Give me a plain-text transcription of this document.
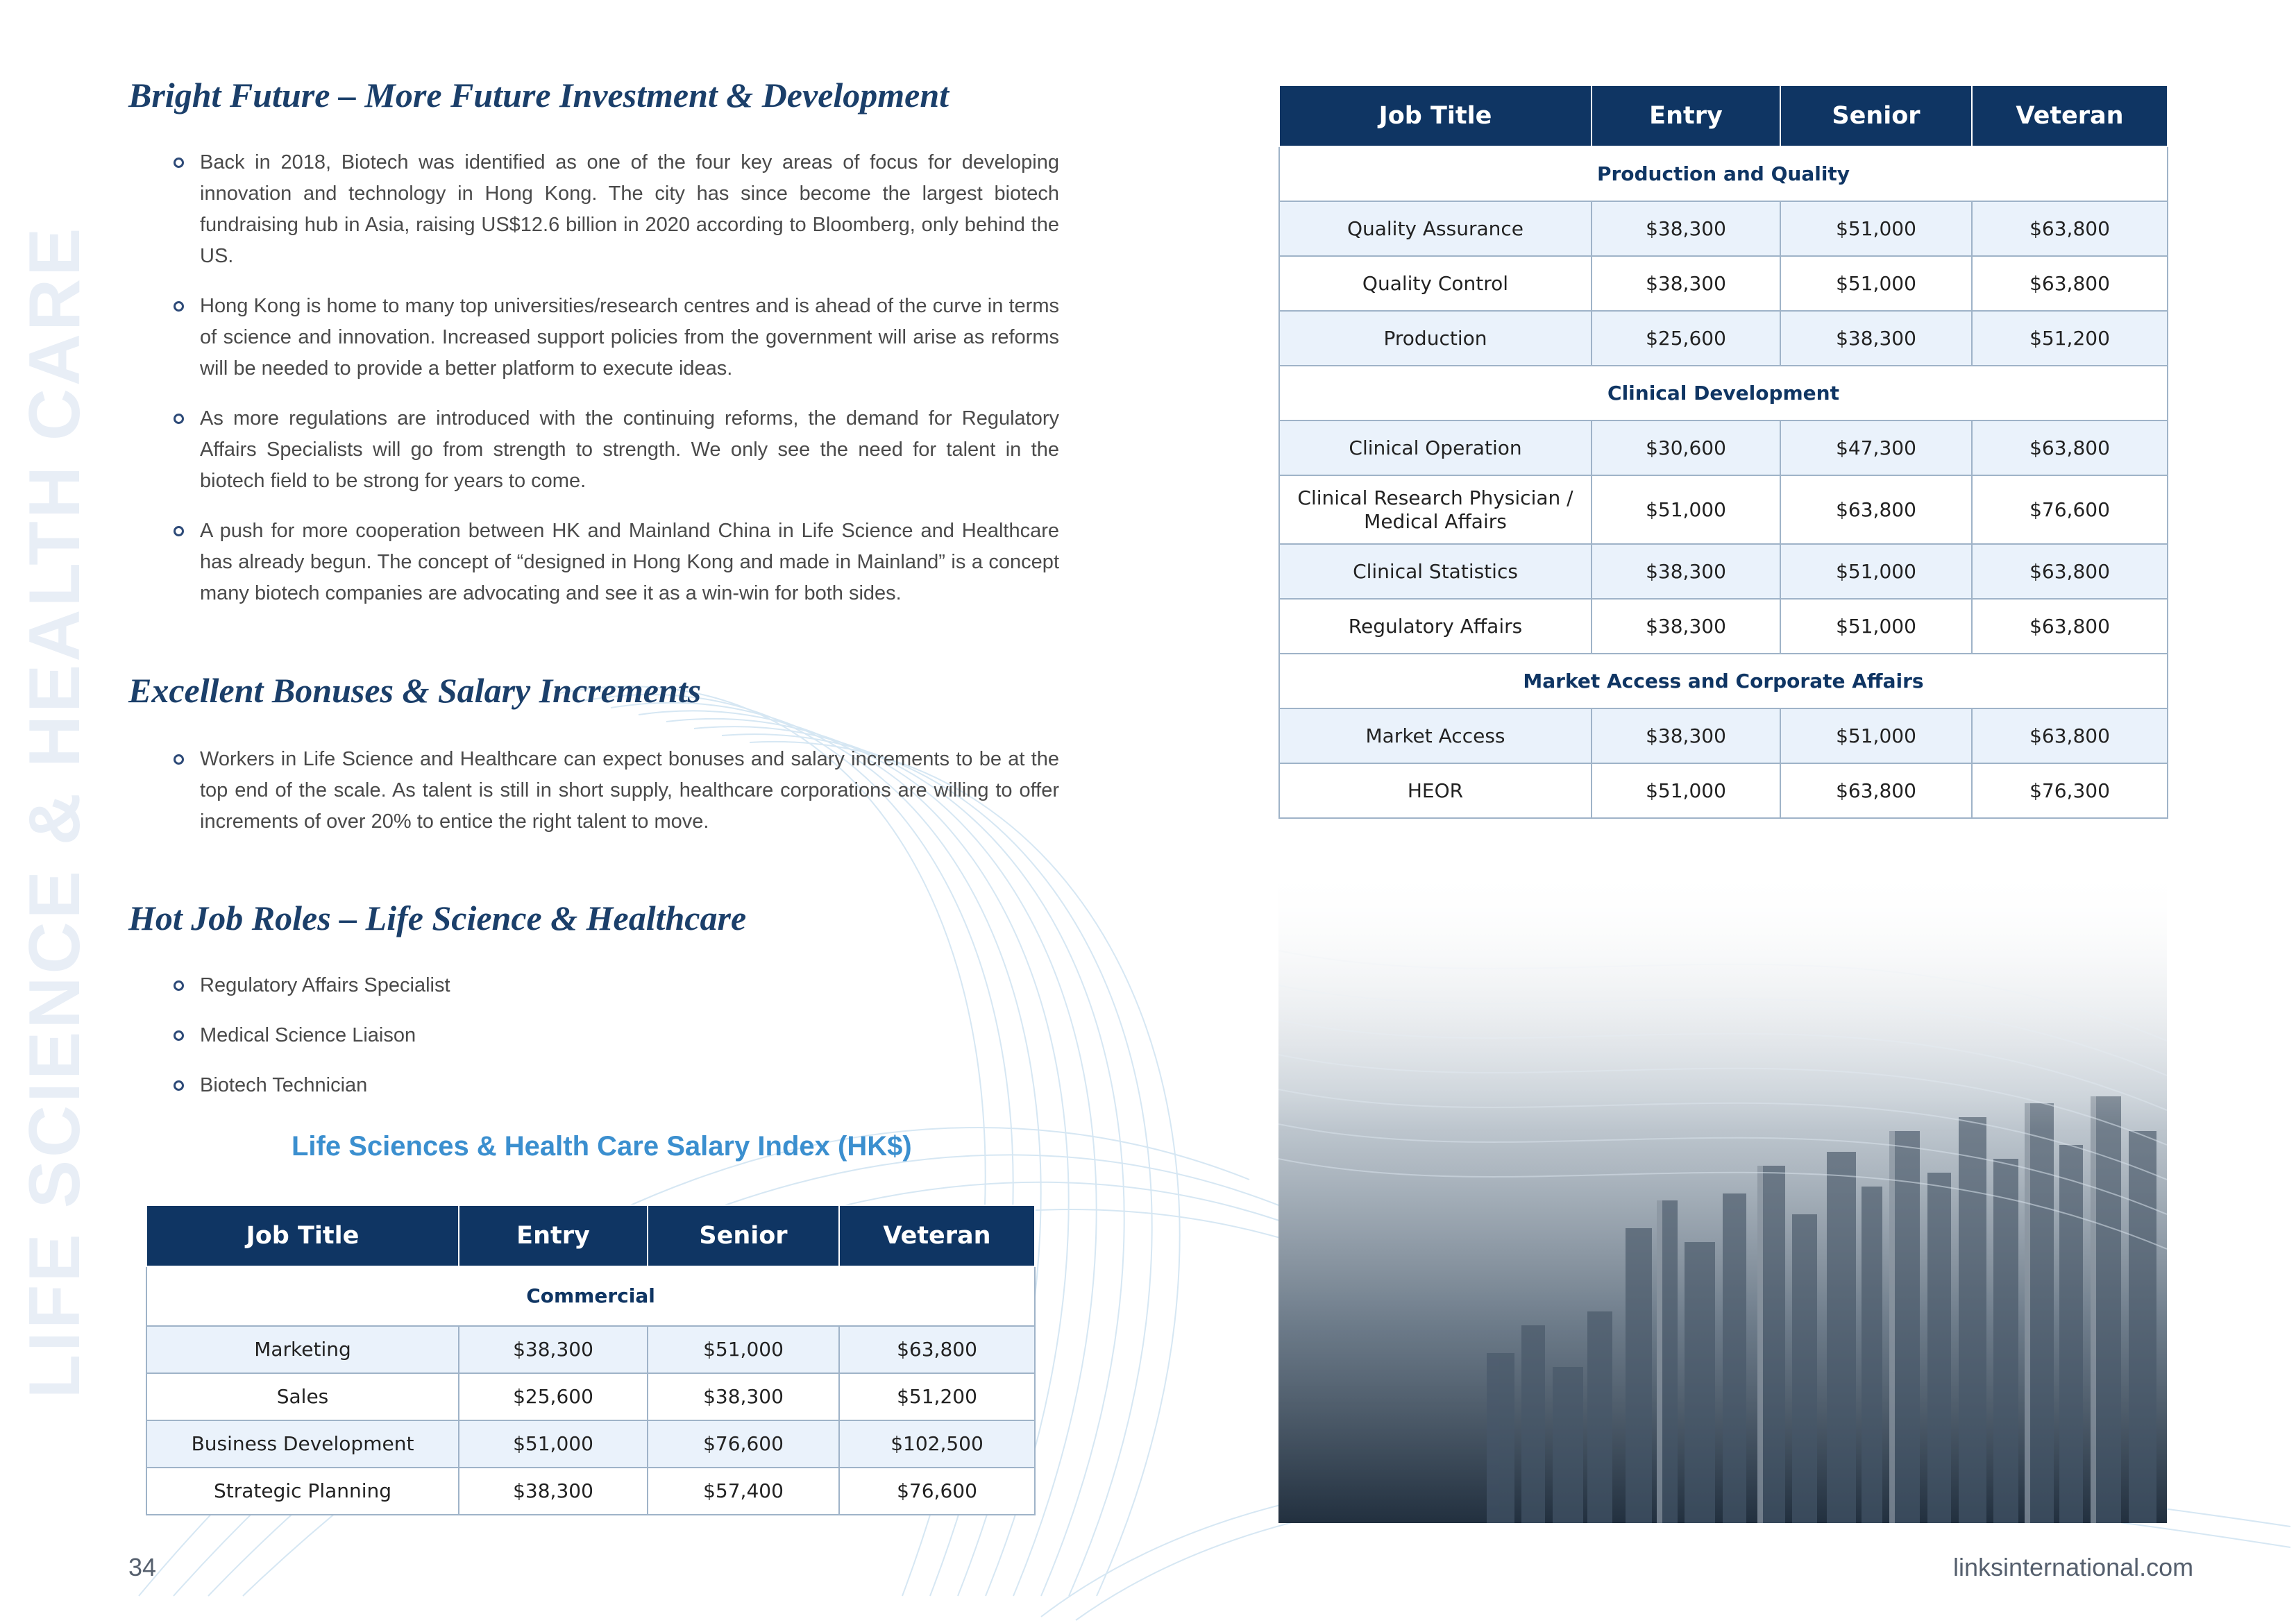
LIFE SCIENCE & HEALTH CARE
Bright Future – More Future Investment & Development
Back in 2018, Biotech was identified as one of the four key areas of focus for developing innovation and technology in Hong Kong. The city has since become the largest biotech fundraising hub in Asia, raising US$12.6 billion in 2020 according to Bloomberg, only behind the US.
Hong Kong is home to many top universities/research centres and is ahead of the curve in terms of science and innovation. Increased support policies from the government will arise as reforms will be needed to provide a better platform to execute ideas.
As more regulations are introduced with the continuing reforms, the demand for Regulatory Affairs Specialists will go from strength to strength. We only see the need for talent in the biotech field to be strong for years to come.
A push for more cooperation between HK and Mainland China in Life Science and Healthcare has already begun. The concept of “designed in Hong Kong and made in Mainland” is a concept many biotech companies are advocating and see it as a win-win for both sides.
Excellent Bonuses & Salary Increments
Workers in Life Science and Healthcare can expect bonuses and salary increments to be at the top end of the scale. As talent is still in short supply, healthcare corporations are willing to offer increments of over 20% to entice the right talent to move.
Hot Job Roles – Life Science & Healthcare
Regulatory Affairs Specialist
Medical Science Liaison
Biotech Technician
Life Sciences & Health Care Salary Index (HK$)
Job Title	Entry	Senior	Veteran
Commercial			
Marketing	$38,300	$51,000	$63,800
Sales	$25,600	$38,300	$51,200
Business Development	$51,000	$76,600	$102,500
Strategic Planning	$38,300	$57,400	$76,600
Job Title	Entry	Senior	Veteran
Production and Quality			
Quality Assurance	$38,300	$51,000	$63,800
Quality Control	$38,300	$51,000	$63,800
Production	$25,600	$38,300	$51,200
Clinical Development			
Clinical Operation	$30,600	$47,300	$63,800
Clinical Research Physician / Medical Affairs	$51,000	$63,800	$76,600
Clinical Statistics	$38,300	$51,000	$63,800
Regulatory Affairs	$38,300	$51,000	$63,800
Market Access and Corporate Affairs			
Market Access	$38,300	$51,000	$63,800
HEOR	$51,000	$63,800	$76,300
34	linksinternational.com
